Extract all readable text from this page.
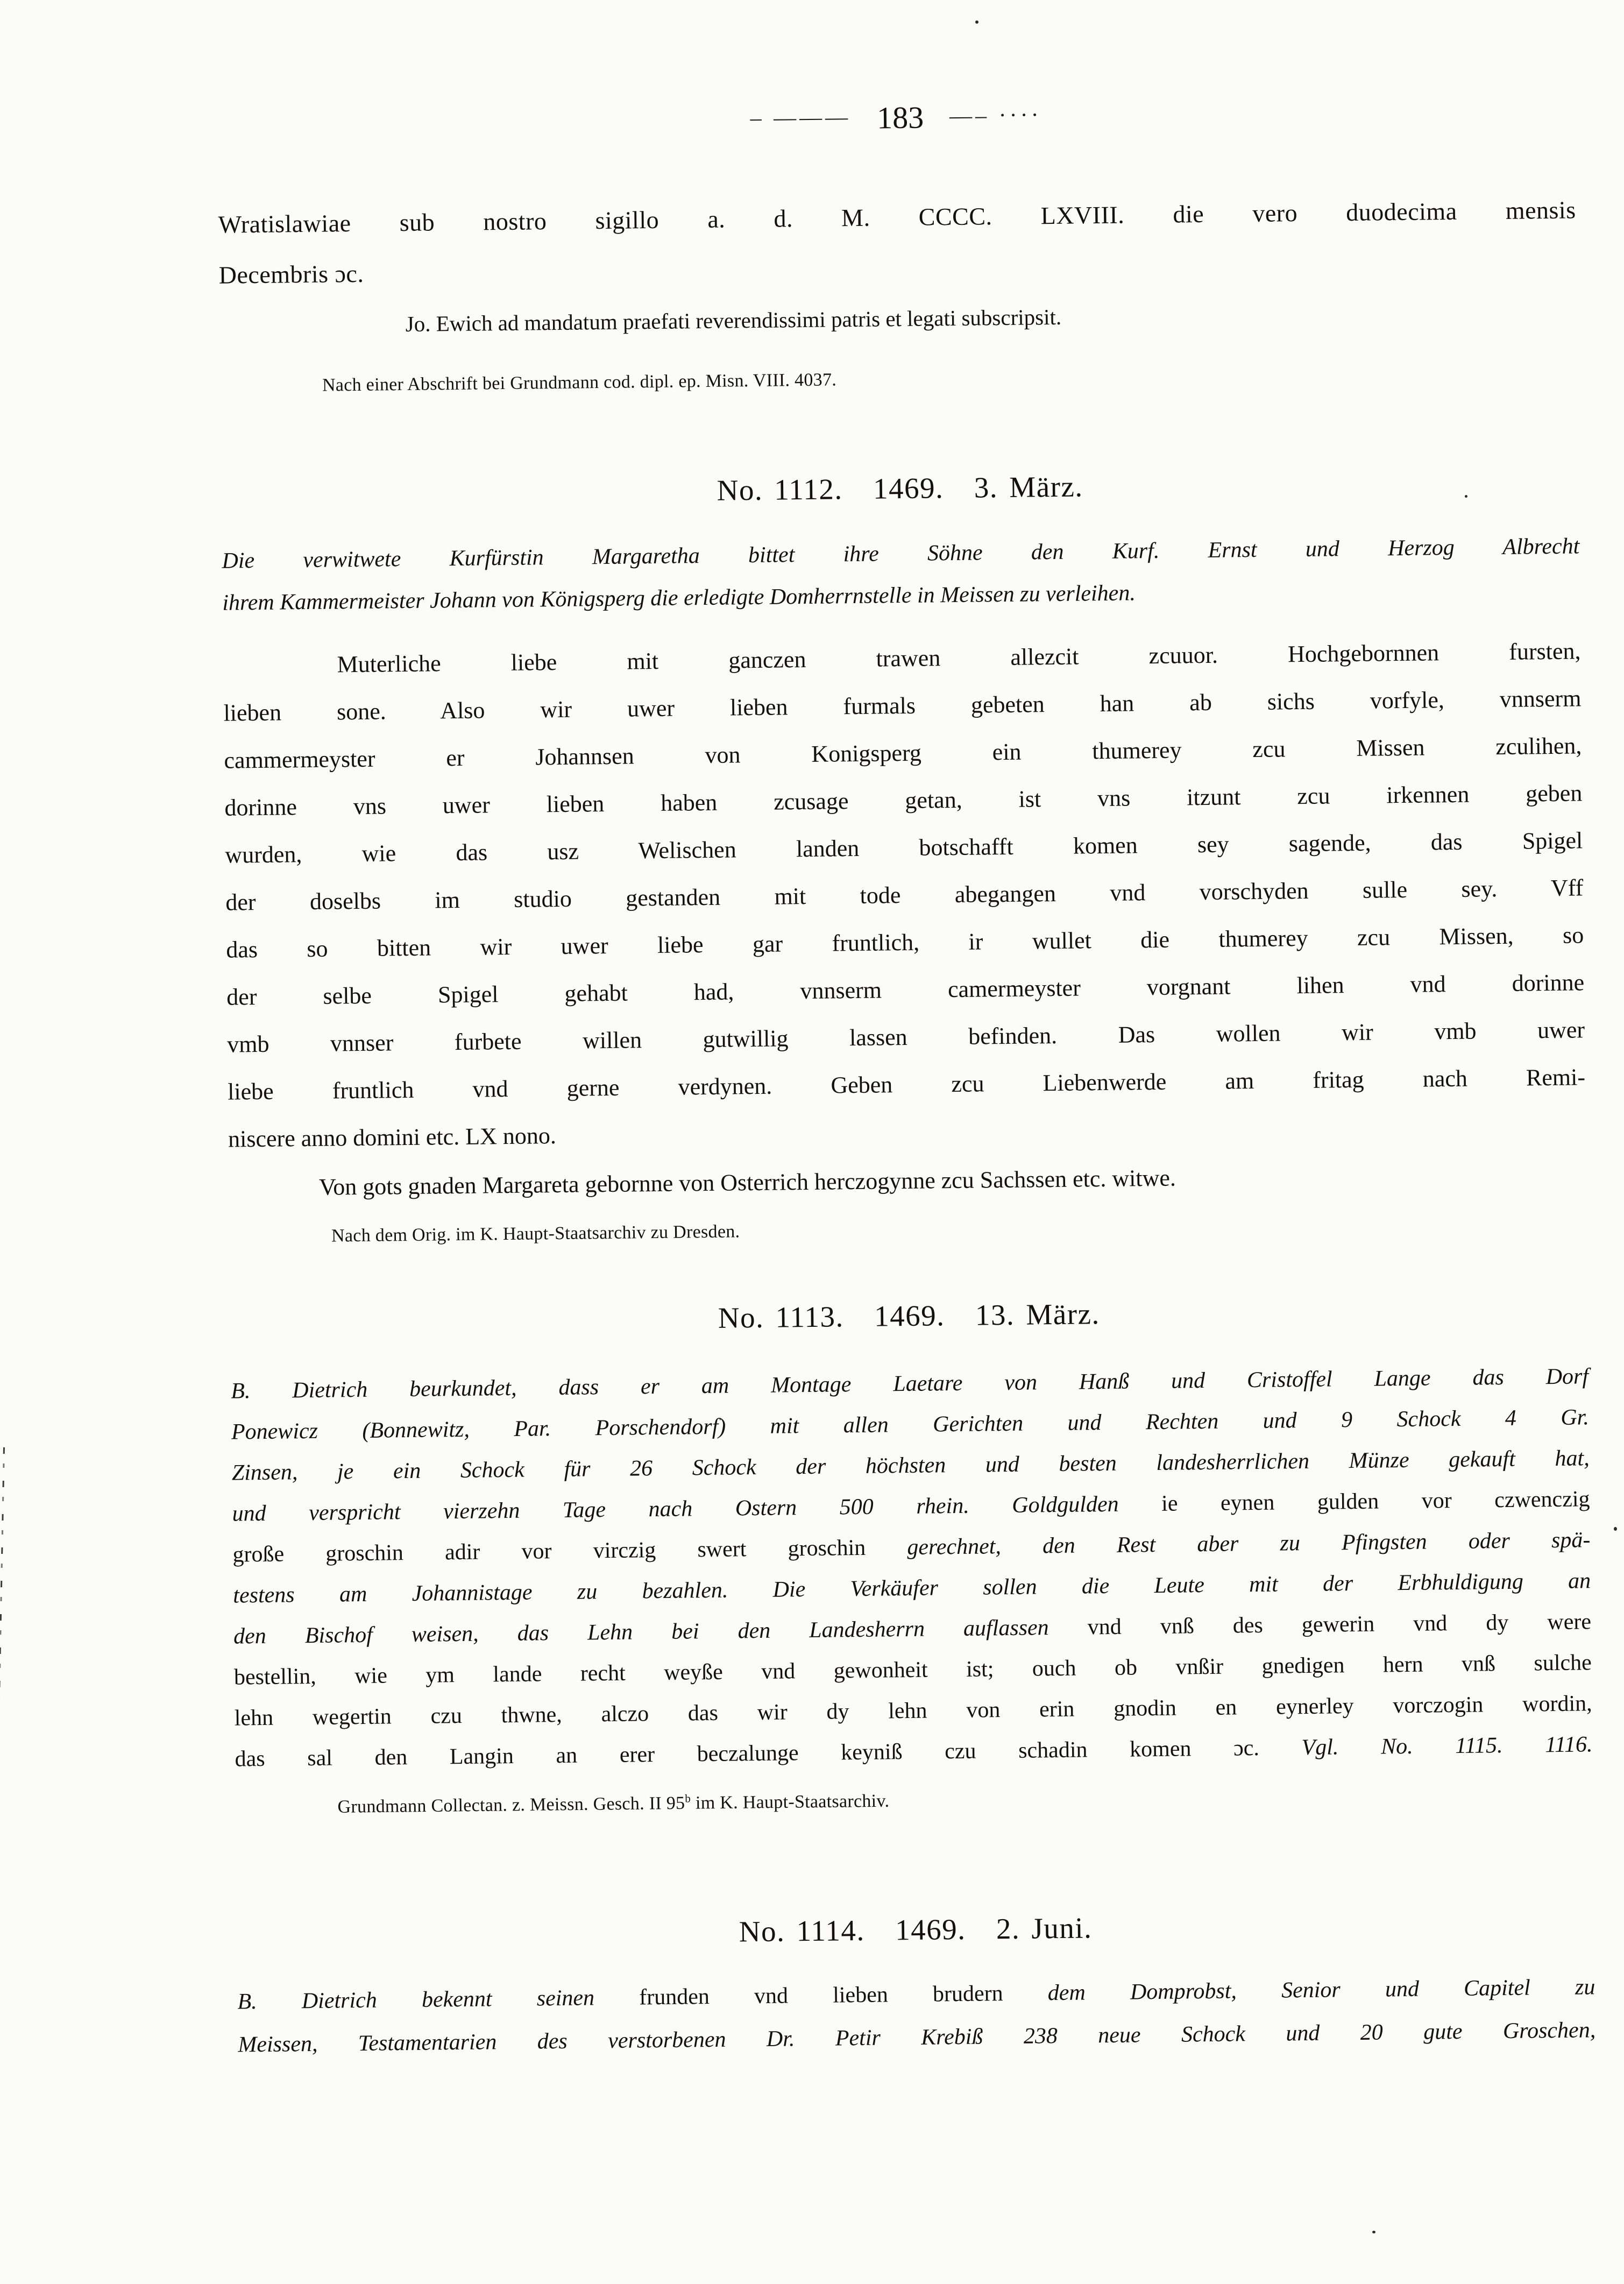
– ——— 183 —– ····
Wratislawiae sub nostro sigillo a. d. M. CCCC. LXVIII. die vero duodecima mensis
Decembris ɔc.
Jo. Ewich ad mandatum praefati reverendissimi patris et legati subscripsit.
Nach einer Abschrift bei Grundmann cod. dipl. ep. Misn. VIII. 4037.
No. 1112. 1469. 3. März.
Die verwitwete Kurfürstin Margaretha bittet ihre Söhne den Kurf. Ernst und Herzog Albrecht
ihrem Kammermeister Johann von Königsperg die erledigte Domherrnstelle in Meissen zu verleihen.
Muterliche liebe mit ganczen trawen allezcit zcuuor. Hochgebornnen fursten,
lieben sone. Also wir uwer lieben furmals gebeten han ab sichs vorfyle, vnnserm
cammermeyster er Johannsen von Konigsperg ein thumerey zcu Missen zculihen,
dorinne vns uwer lieben haben zcusage getan, ist vns itzunt zcu irkennen geben
wurden, wie das usz Welischen landen botschafft komen sey sagende, das Spigel
der doselbs im studio gestanden mit tode abegangen vnd vorschyden sulle sey. Vff
das so bitten wir uwer liebe gar fruntlich, ir wullet die thumerey zcu Missen, so
der selbe Spigel gehabt had, vnnserm camermeyster vorgnant lihen vnd dorinne
vmb vnnser furbete willen gutwillig lassen befinden. Das wollen wir vmb uwer
liebe fruntlich vnd gerne verdynen. Geben zcu Liebenwerde am fritag nach Remi-
niscere anno domini etc. LX nono.
Von gots gnaden Margareta gebornne von Osterrich herczogynne zcu Sachssen etc. witwe.
Nach dem Orig. im K. Haupt-Staatsarchiv zu Dresden.
No. 1113. 1469. 13. März.
B. Dietrich beurkundet, dass er am Montage Laetare von Hanß und Cristoffel Lange das Dorf
Ponewicz (Bonnewitz, Par. Porschendorf) mit allen Gerichten und Rechten und 9 Schock 4 Gr.
Zinsen, je ein Schock für 26 Schock der höchsten und besten landesherrlichen Münze gekauft hat,
und verspricht vierzehn Tage nach Ostern 500 rhein. Goldgulden ie eynen gulden vor czwenczig
große groschin adir vor virczig swert groschin gerechnet, den Rest aber zu Pfingsten oder spä-
testens am Johannistage zu bezahlen. Die Verkäufer sollen die Leute mit der Erbhuldigung an
den Bischof weisen, das Lehn bei den Landesherrn auflassen vnd vnß des gewerin vnd dy were
bestellin, wie ym lande recht weyße vnd gewonheit ist; ouch ob vnßir gnedigen hern vnß sulche
lehn wegertin czu thwne, alczo das wir dy lehn von erin gnodin en eynerley vorczogin wordin,
das sal den Langin an erer beczalunge keyniß czu schadin komen ɔc. Vgl. No. 1115. 1116.
Grundmann Collectan. z. Meissn. Gesch. II 95$^b$ im K. Haupt-Staatsarchiv.
No. 1114. 1469. 2. Juni.
B. Dietrich bekennt seinen frunden vnd lieben brudern dem Domprobst, Senior und Capitel zu
Meissen, Testamentarien des verstorbenen Dr. Petir Krebiß 238 neue Schock und 20 gute Groschen,
